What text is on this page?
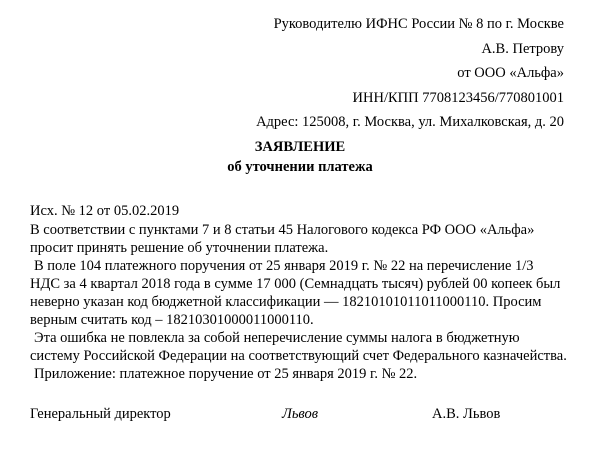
Руководителю ИФНС России № 8 по г. Москве
А.В. Петрову
от ООО «Альфа»
ИНН/КПП 7708123456/770801001
Адрес: 125008, г. Москва, ул. Михалковская, д. 20
ЗАЯВЛЕНИЕ
об уточнении платежа
Исх. № 12 от 05.02.2019
В соответствии с пунктами 7 и 8 статьи 45 Налогового кодекса РФ ООО «Альфа»
просит принять решение об уточнении платежа.
В поле 104 платежного поручения от 25 января 2019 г. № 22 на перечисление 1/3
НДС за 4 квартал 2018 года в сумме 17 000 (Семнадцать тысяч) рублей 00 копеек был
неверно указан код бюджетной классификации — 18210101011011000110. Просим
верным считать код – 18210301000011000110.
Эта ошибка не повлекла за собой неперечисление суммы налога в бюджетную
систему Российской Федерации на соответствующий счет Федерального казначейства.
Приложение: платежное поручение от 25 января 2019 г. № 22.
Генеральный директор	Львов	А.В. Львов
